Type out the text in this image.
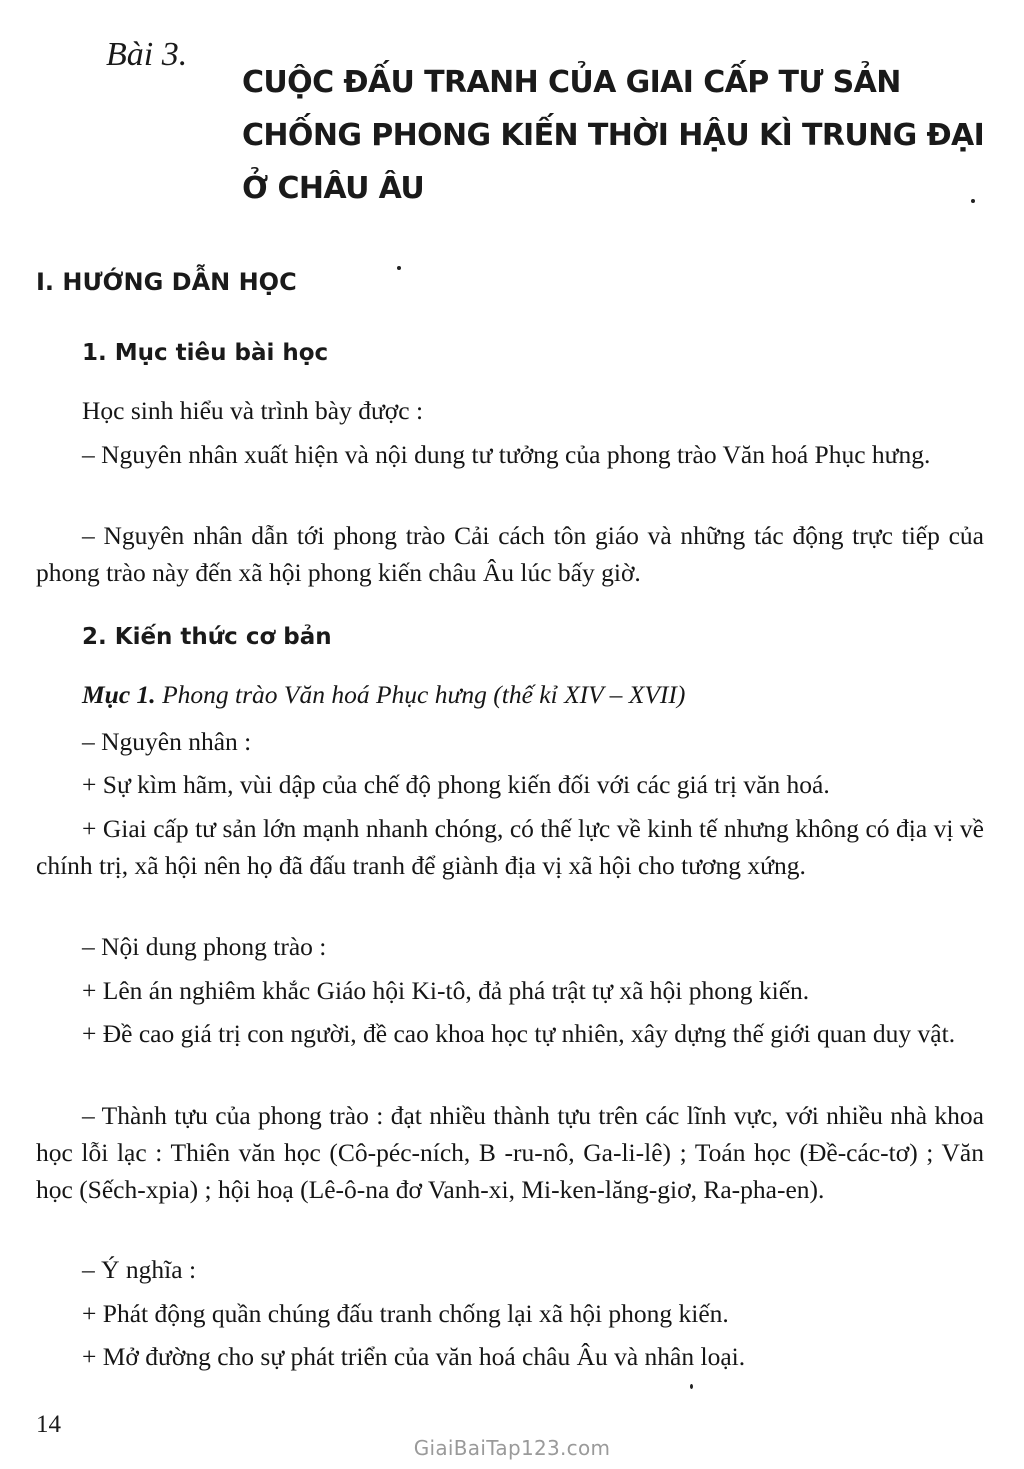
Bài 3.
CUỘC ĐẤU TRANH CỦA GIAI CẤP TƯ SẢN
CHỐNG PHONG KIẾN THỜI HẬU KÌ TRUNG ĐẠI
Ở CHÂU ÂU
I. HƯỚNG DẪN HỌC
1. Mục tiêu bài học
Học sinh hiểu và trình bày được :
– Nguyên nhân xuất hiện và nội dung tư tưởng của phong trào Văn hoá Phục hưng.
– Nguyên nhân dẫn tới phong trào Cải cách tôn giáo và những tác động trực tiếp của phong trào này đến xã hội phong kiến châu Âu lúc bấy giờ.
2. Kiến thức cơ bản
Mục 1. Phong trào Văn hoá Phục hưng (thế kỉ XIV – XVII)
– Nguyên nhân :
+ Sự kìm hãm, vùi dập của chế độ phong kiến đối với các giá trị văn hoá.
+ Giai cấp tư sản lớn mạnh nhanh chóng, có thế lực về kinh tế nhưng không có địa vị về chính trị, xã hội nên họ đã đấu tranh để giành địa vị xã hội cho tương xứng.
– Nội dung phong trào :
+ Lên án nghiêm khắc Giáo hội Ki-tô, đả phá trật tự xã hội phong kiến.
+ Đề cao giá trị con người, đề cao khoa học tự nhiên, xây dựng thế giới quan duy vật.
– Thành tựu của phong trào : đạt nhiều thành tựu trên các lĩnh vực, với nhiều nhà khoa học lỗi lạc : Thiên văn học (Cô-péc-ních, B -ru-nô, Ga-li-lê) ; Toán học (Đề-các-tơ) ; Văn học (Sếch-xpia) ; hội hoạ (Lê-ô-na đơ Vanh-xi, Mi-ken-lăng-giơ, Ra-pha-en).
– Ý nghĩa :
+ Phát động quần chúng đấu tranh chống lại xã hội phong kiến.
+ Mở đường cho sự phát triển của văn hoá châu Âu và nhân loại.
14
GiaiBaiTap123.com
